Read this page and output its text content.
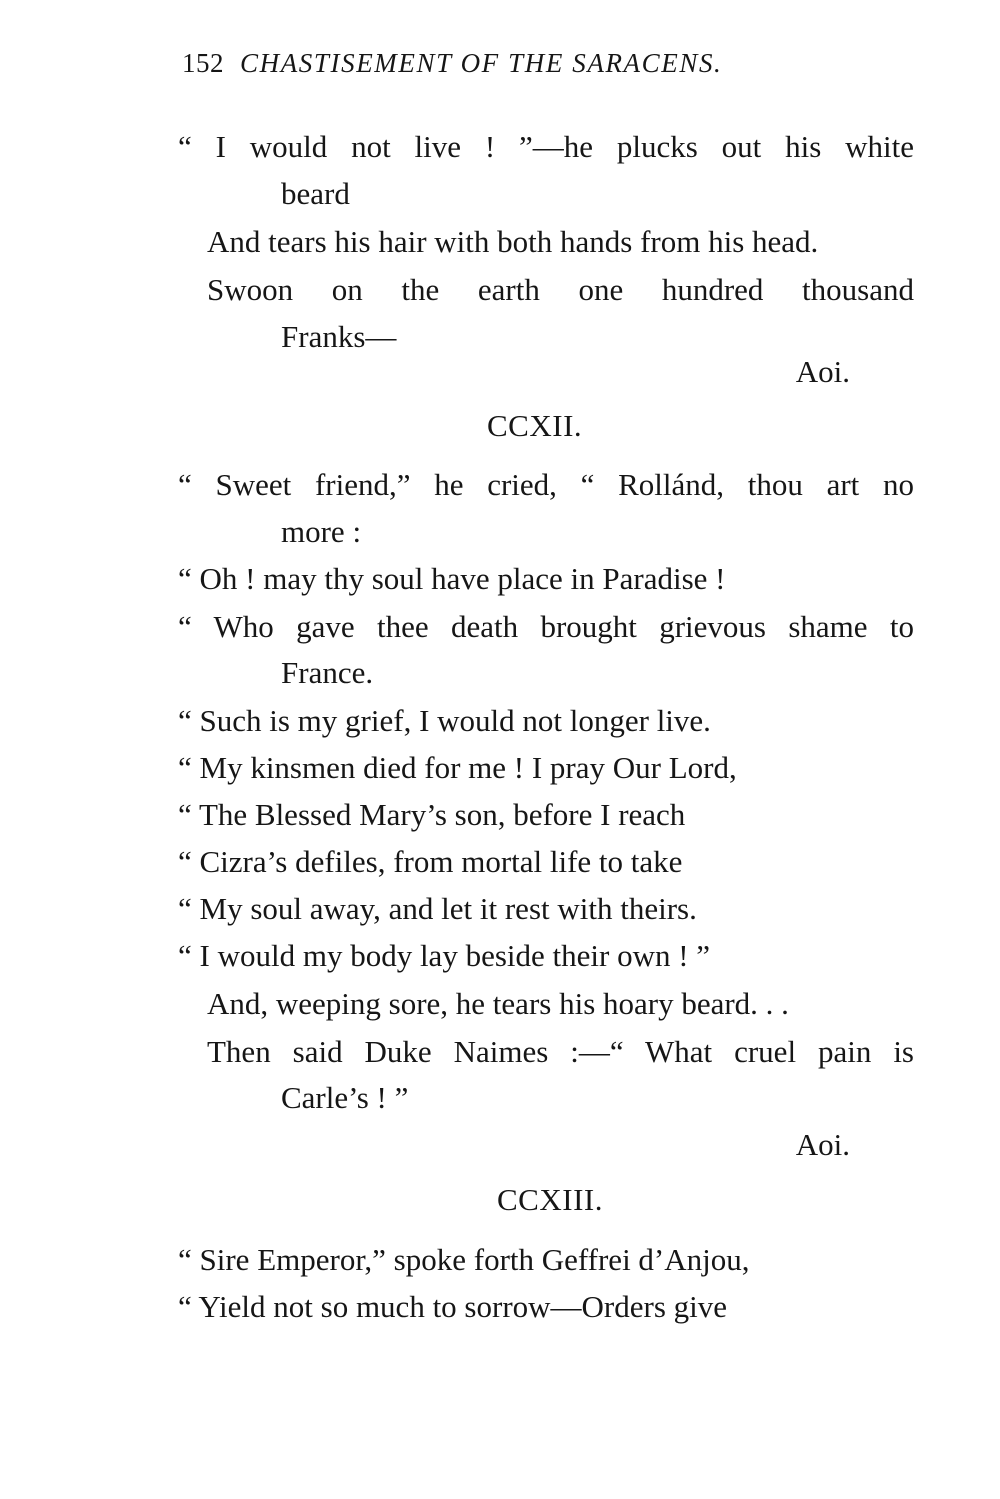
152 CHASTISEMENT OF THE SARACENS.
“ I would not live ! ”—he plucks out his white
beard
And tears his hair with both hands from his head.
Swoon on the earth one hundred thousand
Franks—
Aoi.
CCXII.
“ Sweet friend,” he cried, “ Rollánd, thou art no
more :
“ Oh ! may thy soul have place in Paradise !
“ Who gave thee death brought grievous shame to
France.
“ Such is my grief, I would not longer live.
“ My kinsmen died for me ! I pray Our Lord,
“ The Blessed Mary’s son, before I reach
“ Cizra’s defiles, from mortal life to take
“ My soul away, and let it rest with theirs.
“ I would my body lay beside their own ! ”
And, weeping sore, he tears his hoary beard. . .
Then said Duke Naimes :—“ What cruel pain is
Carle’s ! ”
Aoi.
CCXIII.
“ Sire Emperor,” spoke forth Geffrei d’Anjou,
“ Yield not so much to sorrow—Orders give
